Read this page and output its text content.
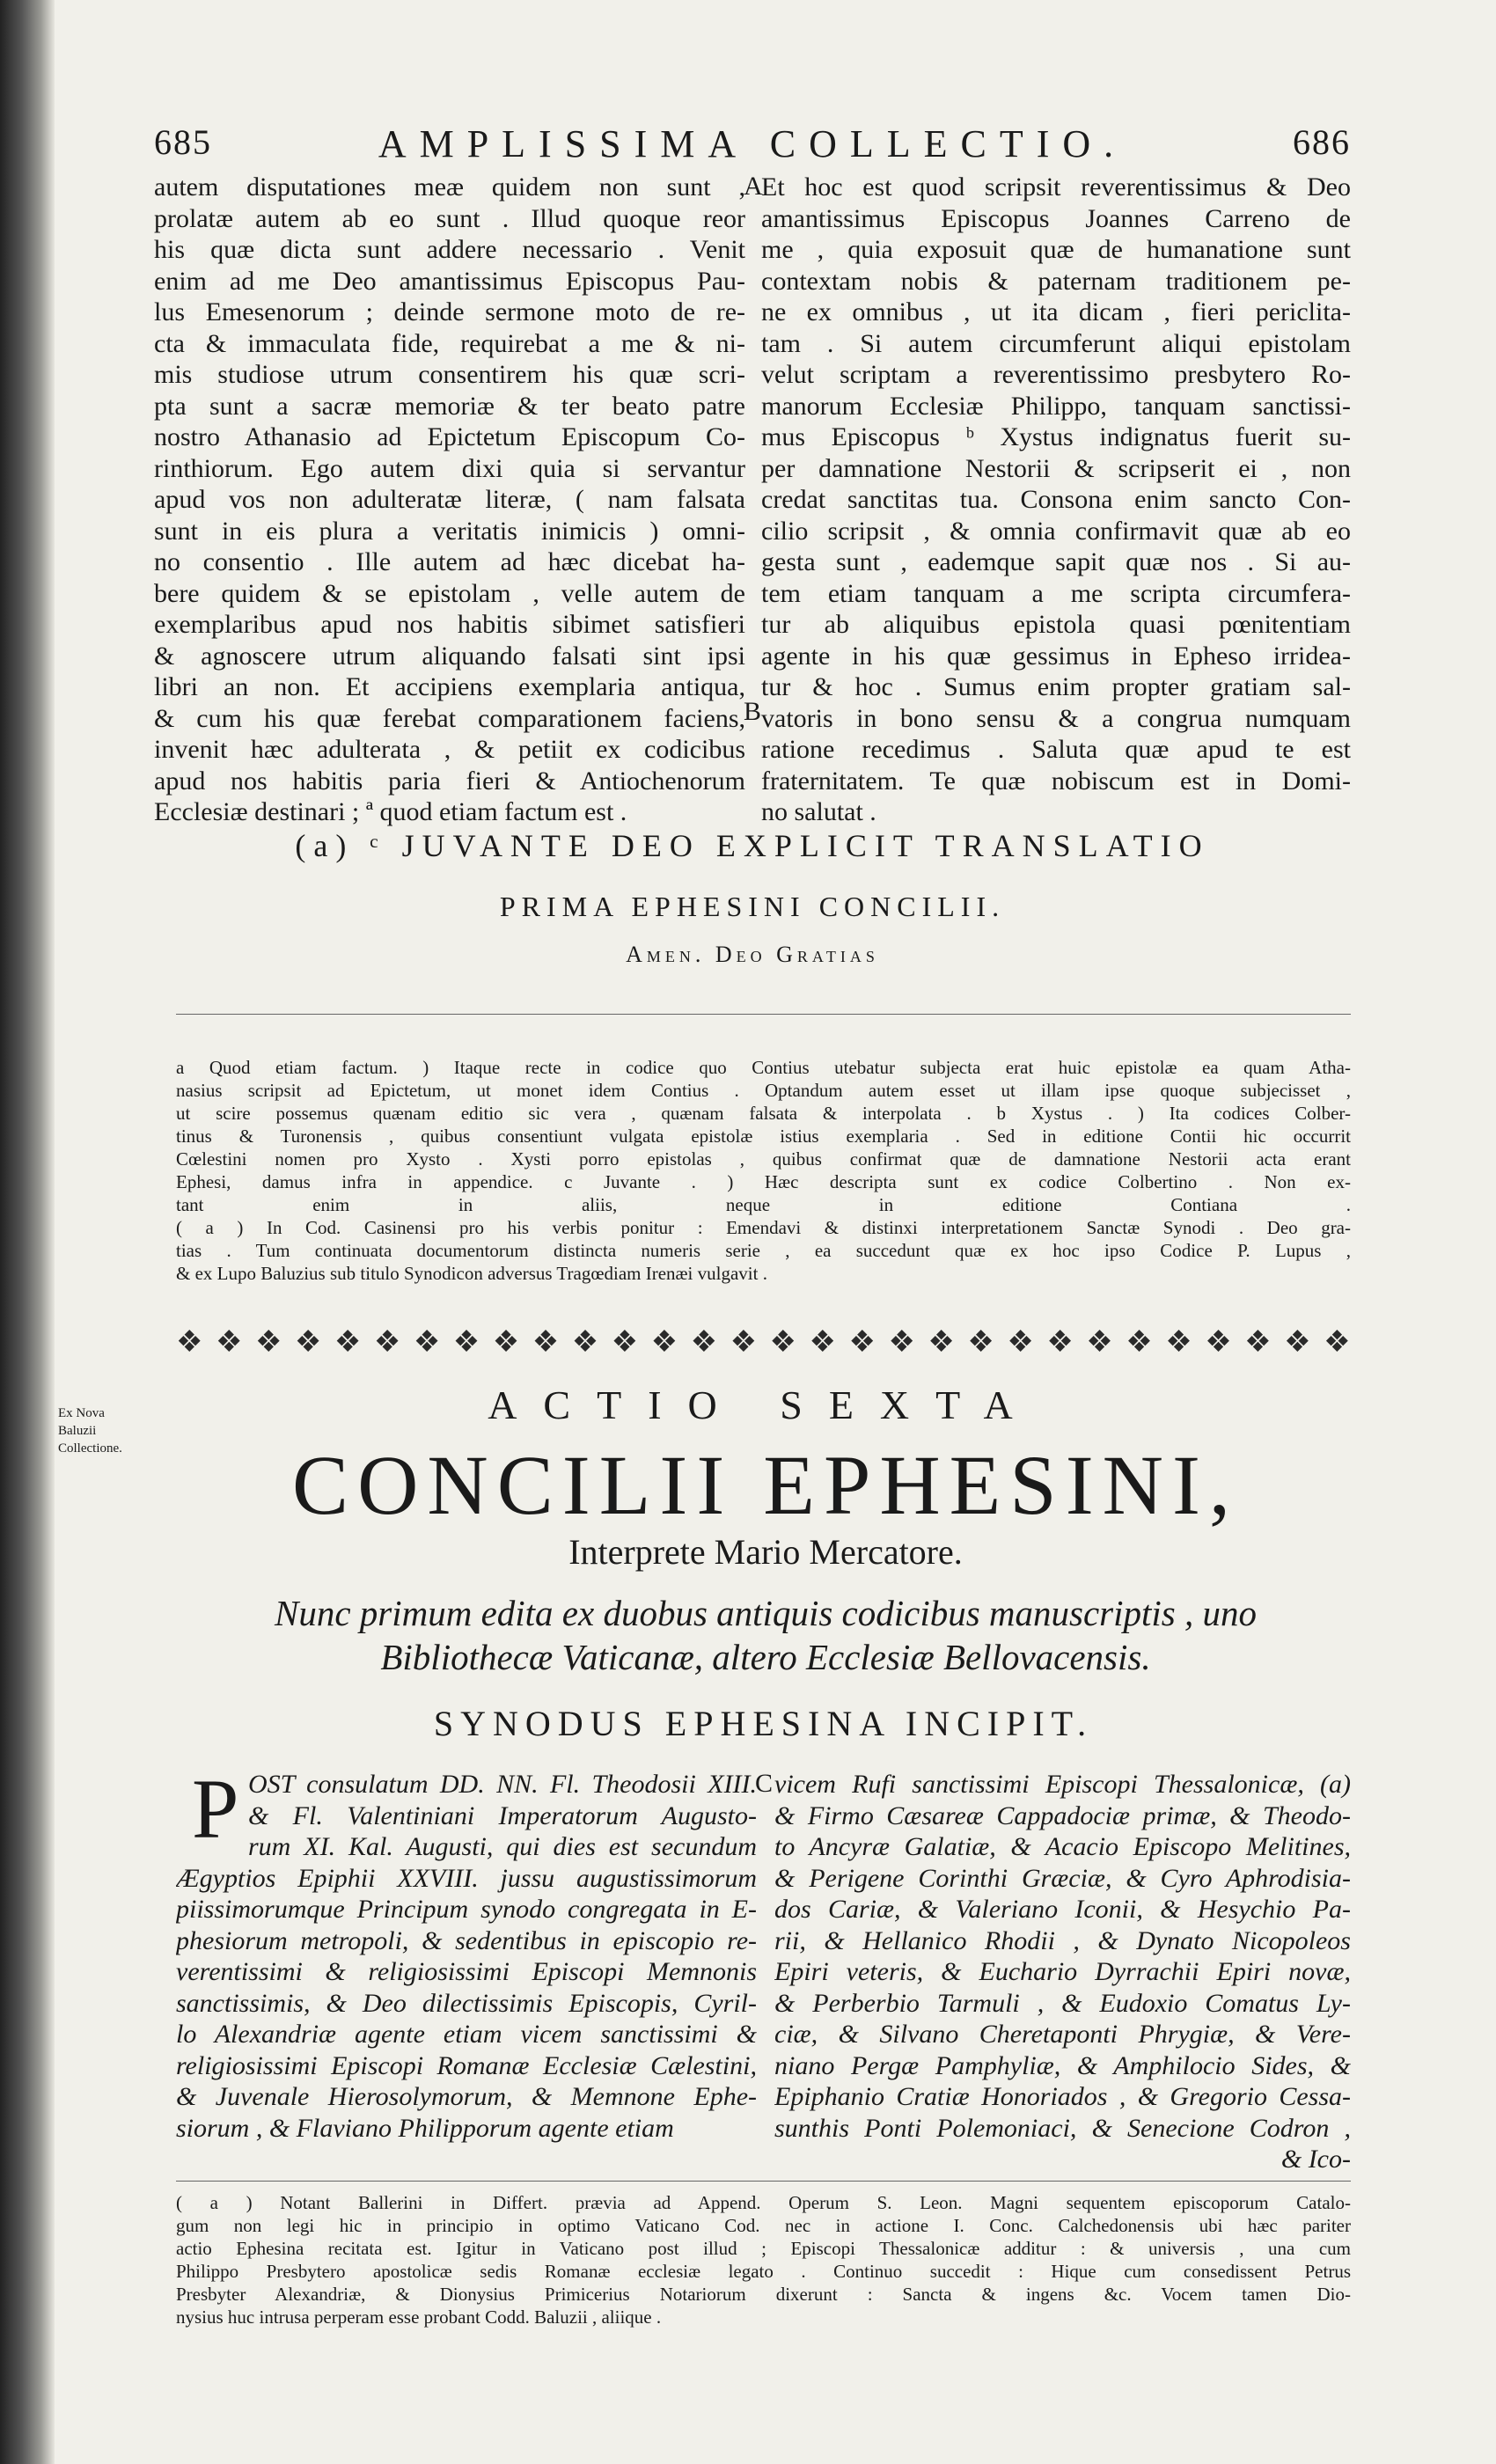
685	AMPLISSIMA COLLECTIO.	686
autem disputationes meæ quidem non sunt ,
prolatæ autem ab eo sunt . Illud quoque reor
his quæ dicta sunt addere necessario . Venit
enim ad me Deo amantissimus Episcopus Pau-
lus Emesenorum ; deinde sermone moto de re-
cta & immaculata fide, requirebat a me & ni-
mis studiose utrum consentirem his quæ scri-
pta sunt a sacræ memoriæ & ter beato patre
nostro Athanasio ad Epictetum Episcopum Co-
rinthiorum. Ego autem dixi quia si servantur
apud vos non adulteratæ literæ, ( nam falsata
sunt in eis plura a veritatis inimicis ) omni-
no consentio . Ille autem ad hæc dicebat ha-
bere quidem & se epistolam , velle autem de
exemplaribus apud nos habitis sibimet satisfieri
& agnoscere utrum aliquando falsati sint ipsi
libri an non. Et accipiens exemplaria antiqua,
& cum his quæ ferebat comparationem faciens,
invenit hæc adulterata , & petiit ex codicibus
apud nos habitis paria fieri & Antiochenorum
Ecclesiæ destinari ; ª quod etiam factum est .
Et hoc est quod scripsit reverentissimus & Deo
amantissimus Episcopus Joannes Carreno de
me , quia exposuit quæ de humanatione sunt
contextam nobis & paternam traditionem pe-
ne ex omnibus , ut ita dicam , fieri periclita-
tam . Si autem circumferunt aliqui epistolam
velut scriptam a reverentissimo presbytero Ro-
manorum Ecclesiæ Philippo, tanquam sanctissi-
mus Episcopus ᵇ Xystus indignatus fuerit su-
per damnatione Nestorii & scripserit ei , non
credat sanctitas tua. Consona enim sancto Con-
cilio scripsit , & omnia confirmavit quæ ab eo
gesta sunt , eademque sapit quæ nos . Si au-
tem etiam tanquam a me scripta circumfera-
tur ab aliquibus epistola quasi pœnitentiam
agente in his quæ gessimus in Ephesо irridea-
tur & hoc . Sumus enim propter gratiam sal-
vatoris in bono sensu & a congrua numquam
ratione recedimus . Saluta quæ apud te est
fraternitatem. Te quæ nobiscum est in Domi-
no salutat .
A
B
(a) ᶜ JUVANTE DEO EXPLICIT TRANSLATIO
PRIMA EPHESINI CONCILII.
Amen. Deo Gratias
a Quod etiam factum. ) Itaque recte in codice quo Contius utebatur subjecta erat huic epistolæ ea quam Atha-
nasius scripsit ad Epictetum, ut monet idem Contius . Optandum autem esset ut illam ipse quoque subjecisset ,
ut scire possemus quænam editio sic vera , quænam falsata & interpolata . b Xystus . ) Ita codices Colber-
tinus & Turonensis , quibus consentiunt vulgata epistolæ istius exemplaria . Sed in editione Contii hic occurrit
Cœlestini nomen pro Xysto . Xysti porro epistolas , quibus confirmat quæ de damnatione Nestorii acta erant
Ephesi, damus infra in appendice. c Juvante . ) Hæc descripta sunt ex codice Colbertino . Non ex-
tant enim in aliis, neque in editione Contiana .
( a ) In Cod. Casinensi pro his verbis ponitur : Emendavi & distinxi interpretationem Sanctæ Synodi . Deo gra-
tias . Tum continuata documentorum distincta numeris serie , ea succedunt quæ ex hoc ipso Codice P. Lupus ,
& ex Lupo Baluzius sub titulo Synodicon adversus Tragœdiam Irenæi vulgavit .
❖ ❖ ❖ ❖ ❖ ❖ ❖ ❖ ❖ ❖ ❖ ❖ ❖ ❖ ❖ ❖ ❖ ❖ ❖ ❖ ❖ ❖ ❖ ❖ ❖ ❖ ❖ ❖ ❖ ❖
Ex Nova Baluzii Collectione.
ACTIO SEXTA
CONCILII EPHESINI,
Interprete Mario Mercatore.
Nunc primum edita ex duobus antiquis codicibus manuscriptis , uno
Bibliothecæ Vaticanæ, altero Ecclesiæ Bellovacensis.
SYNODUS EPHESINA INCIPIT.
P OST consulatum DD. NN. Fl. Theodosii XIII.
& Fl. Valentiniani Imperatorum Augusto-
rum XI. Kal. Augusti, qui dies est secundum
Ægyptios Epiphii XXVIII. jussu augustissimorum
piissimorumque Principum synodo congregata in E-
phesiorum metropoli, & sedentibus in episcopio re-
verentissimi & religiosissimi Episcopi Memnonis
sanctissimis, & Deo dilectissimis Episcopis, Cyril-
lo Alexandriæ agente etiam vicem sanctissimi &
religiosissimi Episcopi Romanæ Ecclesiæ Cælestini,
& Juvenale Hierosolymorum, & Memnone Ephe-
siorum , & Flaviano Philipporum agente etiam
vicem Rufi sanctissimi Episcopi Thessalonicæ, (a)
& Firmo Cæsareæ Cappadociæ primæ, & Theodo-
to Ancyræ Galatiæ, & Acacio Episcopo Melitines,
& Perigene Corinthi Græciæ, & Cyro Aphrodisia-
dos Cariæ, & Valeriano Iconii, & Hesychio Pa-
rii, & Hellanico Rhodii , & Dynato Nicopoleos
Epiri veteris, & Euchario Dyrrachii Epiri novæ,
& Perberbio Tarmuli , & Eudoxio Comatus Ly-
ciæ, & Silvano Cheretaponti Phrygiæ, & Vere-
niano Pergæ Pamphyliæ, & Amphilocio Sides, &
Epiphanio Cratiæ Honoriados , & Gregorio Cessa-
sunthis Ponti Polemoniaci, & Senecione Codron ,
& Ico-
C
( a ) Notant Ballerini in Differt. prævia ad Append. Operum S. Leon. Magni sequentem episcoporum Catalo-
gum non legi hic in principio in optimo Vaticano Cod. nec in actione I. Conc. Calchedonensis ubi hæc pariter
actio Ephesina recitata est. Igitur in Vaticano post illud ; Episcopi Thessalonicæ additur : & universis , una cum
Philippo Presbytero apostolicæ sedis Romanæ ecclesiæ legato . Continuo succedit : Hique cum consedissent Petrus
Presbyter Alexandriæ, & Dionysius Primicerius Notariorum dixerunt : Sancta & ingens &c. Vocem tamen Dio-
nysius huc intrusa perperam esse probant Codd. Baluzii , aliique .
